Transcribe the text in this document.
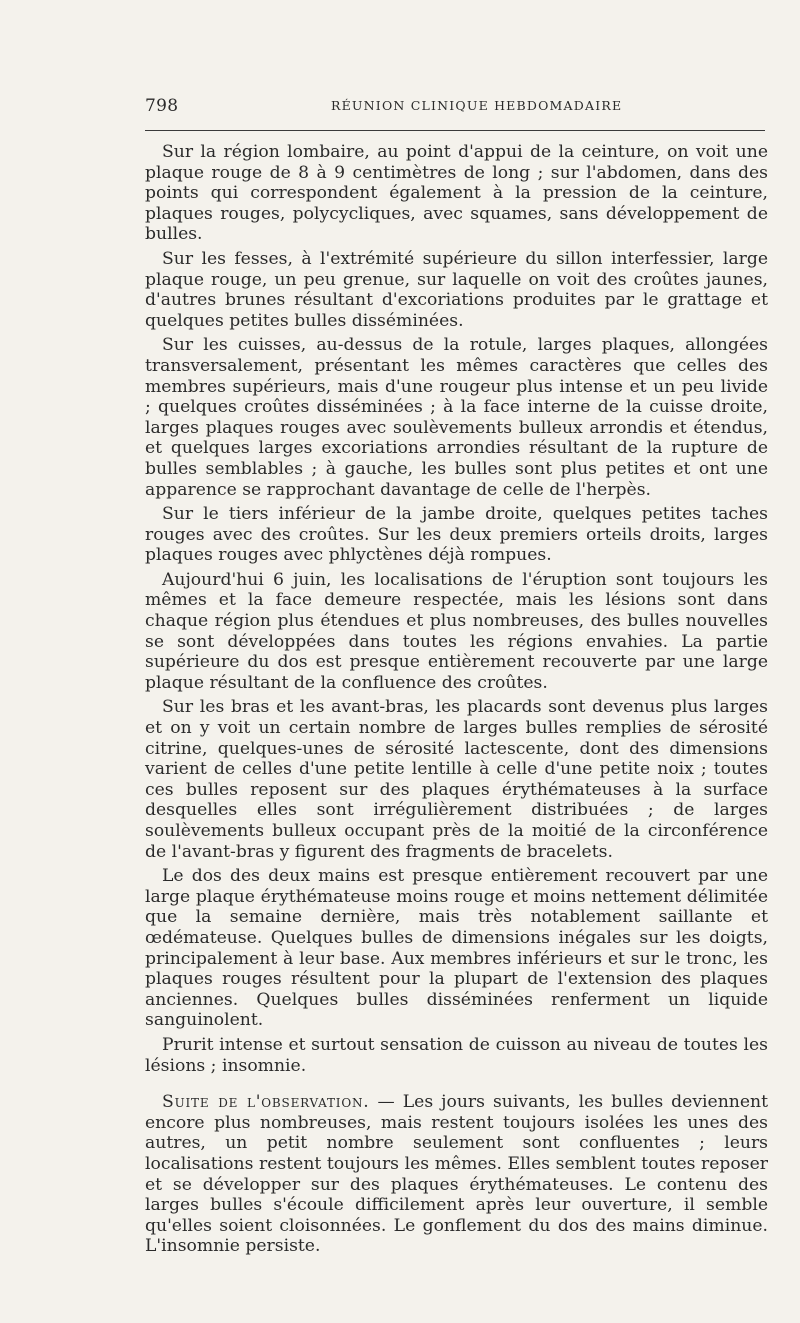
798	RÉUNION CLINIQUE HEBDOMADAIRE

Sur la région lombaire, au point d'appui de la ceinture, on voit une plaque rouge de 8 à 9 centimètres de long ; sur l'abdomen, dans des points qui correspondent également à la pression de la ceinture, plaques rouges, polycycliques, avec squames, sans développement de bulles.

Sur les fesses, à l'extrémité supérieure du sillon interfessier, large plaque rouge, un peu grenue, sur laquelle on voit des croûtes jaunes, d'autres brunes résultant d'excoriations produites par le grattage et quelques petites bulles disséminées.

Sur les cuisses, au-dessus de la rotule, larges plaques, allongées transversalement, présentant les mêmes caractères que celles des membres supérieurs, mais d'une rougeur plus intense et un peu livide ; quelques croûtes disséminées ; à la face interne de la cuisse droite, larges plaques rouges avec soulèvements bulleux arrondis et étendus, et quelques larges excoriations arrondies résultant de la rupture de bulles semblables ; à gauche, les bulles sont plus petites et ont une apparence se rapprochant davantage de celle de l'herpès.

Sur le tiers inférieur de la jambe droite, quelques petites taches rouges avec des croûtes. Sur les deux premiers orteils droits, larges plaques rouges avec phlyctènes déjà rompues.

Aujourd'hui 6 juin, les localisations de l'éruption sont toujours les mêmes et la face demeure respectée, mais les lésions sont dans chaque région plus étendues et plus nombreuses, des bulles nouvelles se sont développées dans toutes les régions envahies. La partie supérieure du dos est presque entièrement recouverte par une large plaque résultant de la confluence des croûtes.

Sur les bras et les avant-bras, les placards sont devenus plus larges et on y voit un certain nombre de larges bulles remplies de sérosité citrine, quelques-unes de sérosité lactescente, dont des dimensions varient de celles d'une petite lentille à celle d'une petite noix ; toutes ces bulles reposent sur des plaques érythémateuses à la surface desquelles elles sont irrégulièrement distribuées ; de larges soulèvements bulleux occupant près de la moitié de la circonférence de l'avant-bras y figurent des fragments de bracelets.

Le dos des deux mains est presque entièrement recouvert par une large plaque érythémateuse moins rouge et moins nettement délimitée que la semaine dernière, mais très notablement saillante et œdémateuse. Quelques bulles de dimensions inégales sur les doigts, principalement à leur base. Aux membres inférieurs et sur le tronc, les plaques rouges résultent pour la plupart de l'extension des plaques anciennes. Quelques bulles disséminées renferment un liquide sanguinolent.

Prurit intense et surtout sensation de cuisson au niveau de toutes les lésions ; insomnie.

Suite de l'observation. — Les jours suivants, les bulles deviennent encore plus nombreuses, mais restent toujours isolées les unes des autres, un petit nombre seulement sont confluentes ; leurs localisations restent toujours les mêmes. Elles semblent toutes reposer et se développer sur des plaques érythémateuses. Le contenu des larges bulles s'écoule difficilement après leur ouverture, il semble qu'elles soient cloisonnées. Le gonflement du dos des mains diminue. L'insomnie persiste.
